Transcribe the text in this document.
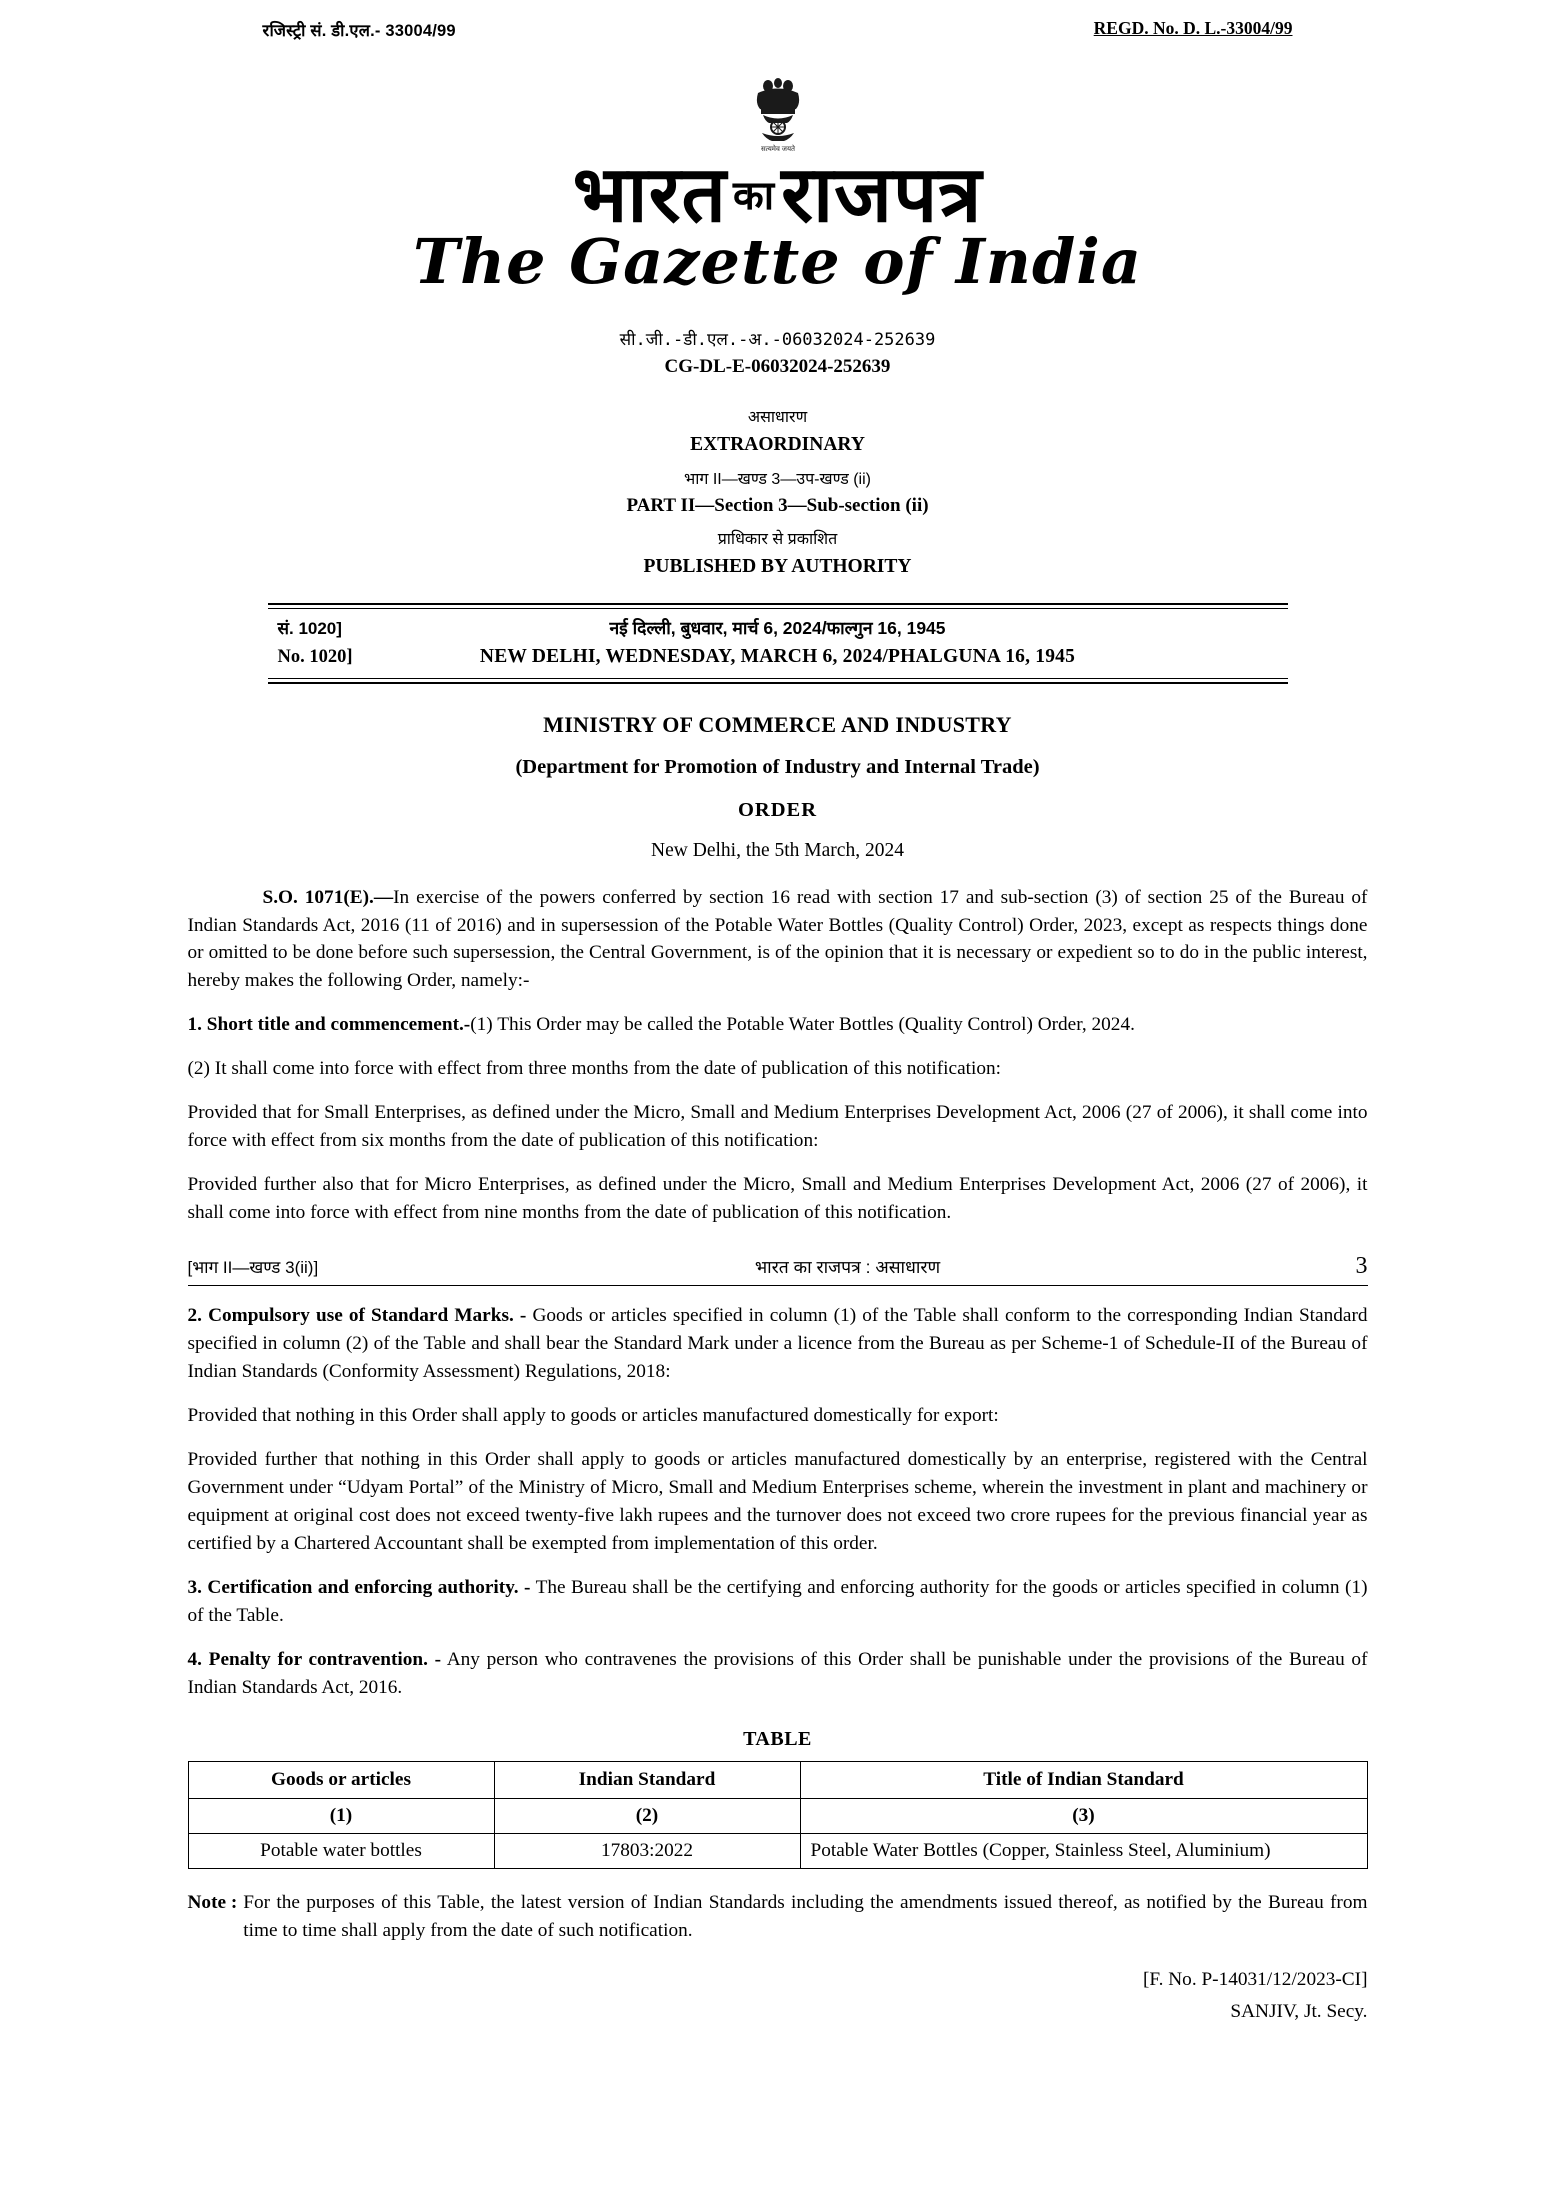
रजिस्ट्री सं. डी.एल.- 33004/99	REGD. No. D. L.-33004/99
सत्यमेव जयते
भारत काराजपत्र
The Gazette of India
सी.जी.-डी.एल.-अ.-06032024-252639
CG-DL-E-06032024-252639
असाधारण
EXTRAORDINARY
भाग II—खण्ड 3—उप-खण्ड (ii)
PART II—Section 3—Sub-section (ii)
प्राधिकार से प्रकाशित
PUBLISHED BY AUTHORITY
सं. 1020]	नई दिल्ली, बुधवार, मार्च 6, 2024/फाल्गुन 16, 1945
No. 1020]	NEW DELHI, WEDNESDAY, MARCH 6, 2024/PHALGUNA 16, 1945
MINISTRY OF COMMERCE AND INDUSTRY
(Department for Promotion of Industry and Internal Trade)
ORDER
New Delhi, the 5th March, 2024

S.O. 1071(E).—In exercise of the powers conferred by section 16 read with section 17 and sub-section (3) of section 25 of the Bureau of Indian Standards Act, 2016 (11 of 2016) and in supersession of the Potable Water Bottles (Quality Control) Order, 2023, except as respects things done or omitted to be done before such supersession, the Central Government, is of the opinion that it is necessary or expedient so to do in the public interest, hereby makes the following Order, namely:-

1. Short title and commencement.-(1) This Order may be called the Potable Water Bottles (Quality Control) Order, 2024.

(2) It shall come into force with effect from three months from the date of publication of this notification:

Provided that for Small Enterprises, as defined under the Micro, Small and Medium Enterprises Development Act, 2006 (27 of 2006), it shall come into force with effect from six months from the date of publication of this notification:

Provided further also that for Micro Enterprises, as defined under the Micro, Small and Medium Enterprises Development Act, 2006 (27 of 2006), it shall come into force with effect from nine months from the date of publication of this notification.

[भाग II—खण्ड 3(ii)]	भारत का राजपत्र : असाधारण	3

2. Compulsory use of Standard Marks. - Goods or articles specified in column (1) of the Table shall conform to the corresponding Indian Standard specified in column (2) of the Table and shall bear the Standard Mark under a licence from the Bureau as per Scheme-1 of Schedule-II of the Bureau of Indian Standards (Conformity Assessment) Regulations, 2018:

Provided that nothing in this Order shall apply to goods or articles manufactured domestically for export:

Provided further that nothing in this Order shall apply to goods or articles manufactured domestically by an enterprise, registered with the Central Government under “Udyam Portal” of the Ministry of Micro, Small and Medium Enterprises scheme, wherein the investment in plant and machinery or equipment at original cost does not exceed twenty-five lakh rupees and the turnover does not exceed two crore rupees for the previous financial year as certified by a Chartered Accountant shall be exempted from implementation of this order.

3. Certification and enforcing authority. - The Bureau shall be the certifying and enforcing authority for the goods or articles specified in column (1) of the Table.

4. Penalty for contravention. - Any person who contravenes the provisions of this Order shall be punishable under the provisions of the Bureau of Indian Standards Act, 2016.

TABLE
Goods or articles	Indian Standard	Title of Indian Standard
(1)	(2)	(3)
Potable water bottles	17803:2022	Potable Water Bottles (Copper, Stainless Steel, Aluminium)
Note : For the purposes of this Table, the latest version of Indian Standards including the amendments issued thereof, as notified by the Bureau from time to time shall apply from the date of such notification.
[F. No. P-14031/12/2023-CI]
SANJIV, Jt. Secy.
